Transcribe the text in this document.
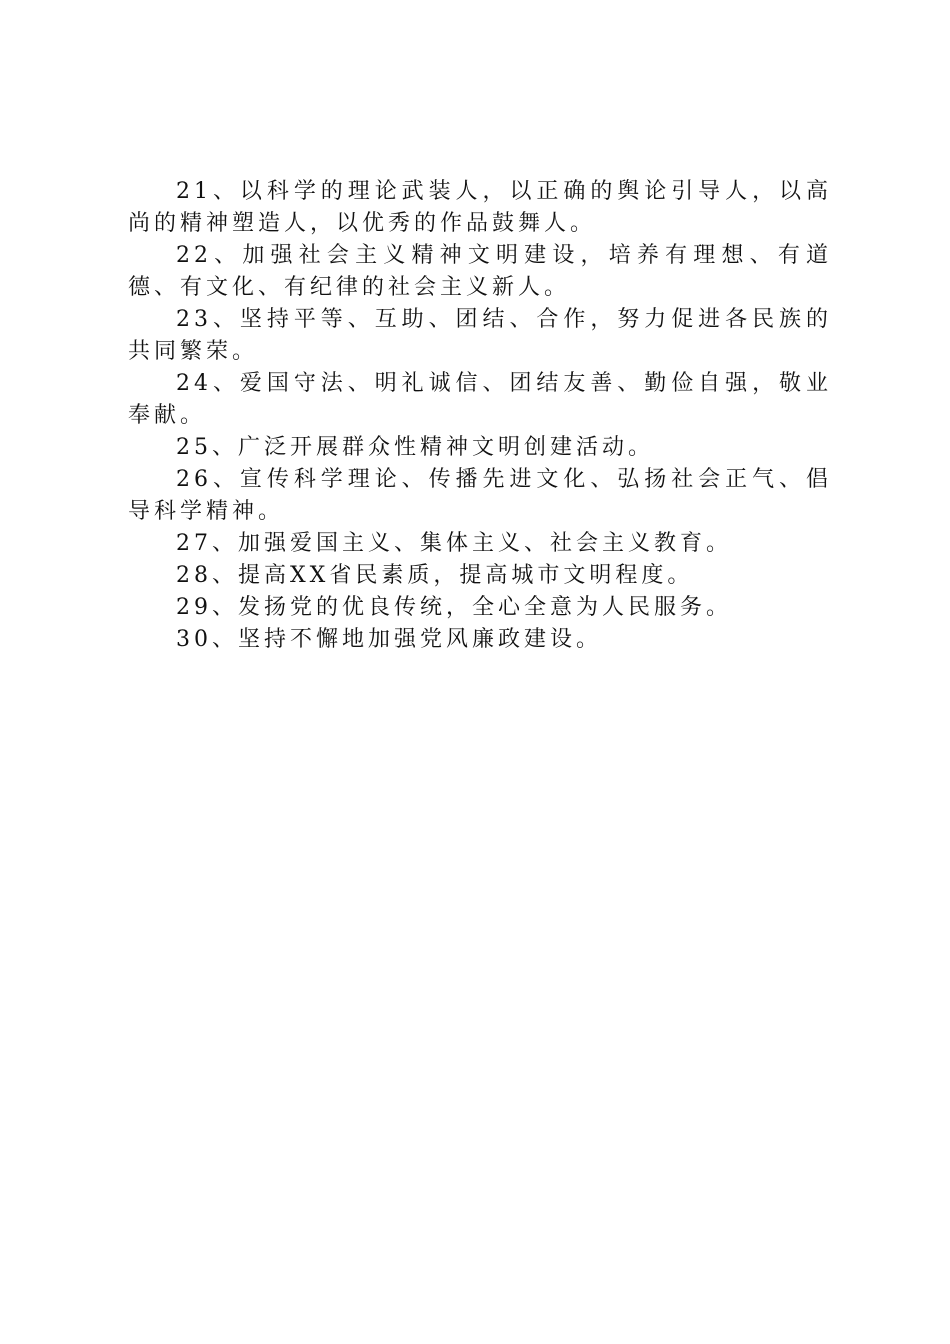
21、以科学的理论武装人，以正确的舆论引导人，以高尚的精神塑造人，以优秀的作品鼓舞人。

22、加强社会主义精神文明建设，培养有理想、有道德、有文化、有纪律的社会主义新人。

23、坚持平等、互助、团结、合作，努力促进各民族的共同繁荣。

24、爱国守法、明礼诚信、团结友善、勤俭自强，敬业奉献。

25、广泛开展群众性精神文明创建活动。

26、宣传科学理论、传播先进文化、弘扬社会正气、倡导科学精神。

27、加强爱国主义、集体主义、社会主义教育。

28、提高XX省民素质，提高城市文明程度。

29、发扬党的优良传统，全心全意为人民服务。

30、坚持不懈地加强党风廉政建设。
